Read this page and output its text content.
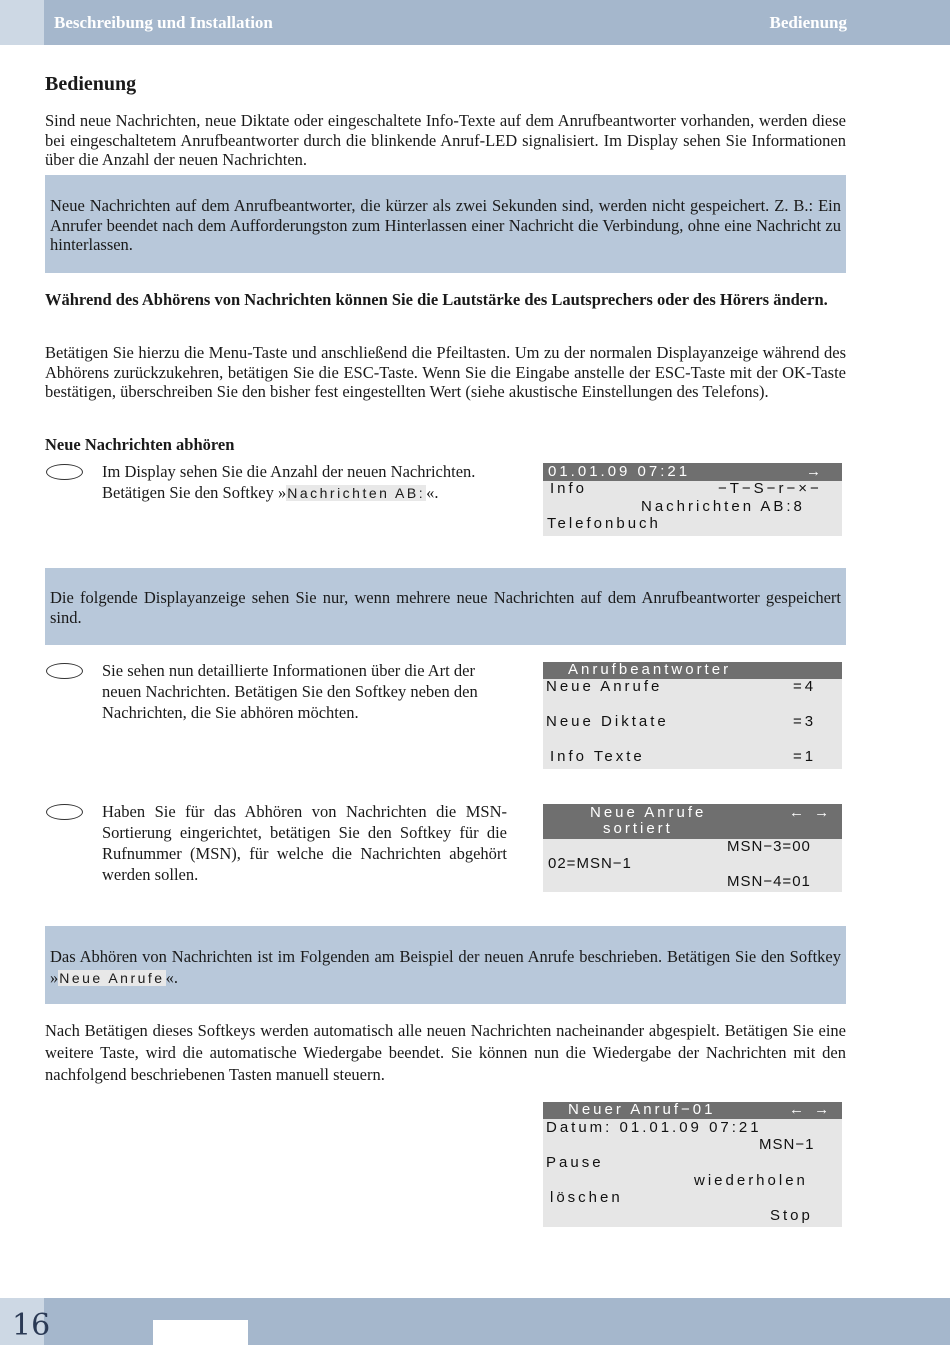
Beschreibung und Installation	Bedienung
Bedienung
Sind neue Nachrichten, neue Diktate oder eingeschaltete Info-Texte auf dem Anrufbeantworter vorhanden, werden diese bei eingeschaltetem Anrufbeantworter durch die blinkende Anruf-LED signalisiert. Im Display sehen Sie Informationen über die Anzahl der neuen Nachrichten.
Neue Nachrichten auf dem Anrufbeantworter, die kürzer als zwei Sekunden sind, werden nicht gespeichert. Z. B.: Ein Anrufer beendet nach dem Aufforderungston zum Hinterlassen einer Nachricht die Verbindung, ohne eine Nachricht zu hinterlassen.
Während des Abhörens von Nachrichten können Sie die Lautstärke des Lautsprechers oder des Hörers ändern.
Betätigen Sie hierzu die Menu-Taste und anschließend die Pfeiltasten. Um zu der normalen Displayanzeige während des Abhörens zurückzukehren, betätigen Sie die ESC-Taste. Wenn Sie die Eingabe anstelle der ESC-Taste mit der OK-Taste bestätigen, überschreiben Sie den bisher fest eingestellten Wert (siehe akustische Einstellungen des Telefons).
Neue Nachrichten abhören
Im Display sehen Sie die Anzahl der neuen Nachrichten.
Betätigen Sie den Softkey »Nachrichten AB:«.
01.01.09 07:21	→
Info	−T−S−r−×−
Nachrichten AB:8
Telefonbuch
Die folgende Displayanzeige sehen Sie nur, wenn mehrere neue Nachrichten auf dem Anrufbeantworter gespeichert sind.
Sie sehen nun detaillierte Informationen über die Art der neuen Nachrichten. Betätigen Sie den Softkey neben den Nachrichten, die Sie abhören möchten.
Anrufbeantworter
Neue Anrufe	=4
Neue Diktate	=3
Info Texte	=1
Haben Sie für das Abhören von Nachrichten die MSN-Sortierung eingerichtet, betätigen Sie den Softkey für die Rufnummer (MSN), für welche die Nachrichten abgehört werden sollen.
Neue Anrufe
sortiert
← →
MSN−3=00
02=MSN−1
MSN−4=01
Das Abhören von Nachrichten ist im Folgenden am Beispiel der neuen Anrufe beschrieben. Betätigen Sie den Softkey »Neue Anrufe«.
Nach Betätigen dieses Softkeys werden automatisch alle neuen Nachrichten nacheinander abgespielt. Betätigen Sie eine weitere Taste, wird die automatische Wiedergabe beendet. Sie können nun die Wiedergabe der Nachrichten mit den nachfolgend beschriebenen Tasten manuell steuern.
Neuer Anruf−01	← →
Datum: 01.01.09 07:21
MSN−1
Pause
wiederholen
löschen
Stop
16
